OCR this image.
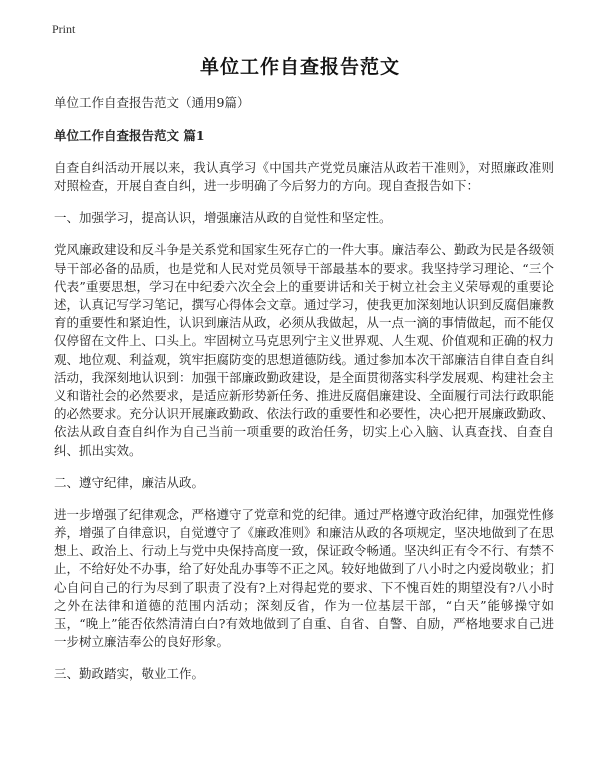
Print
单位工作自查报告范文

单位工作自查报告范文（通用9篇）

单位工作自查报告范文 篇1

自查自纠活动开展以来，我认真学习《中国共产党党员廉洁从政若干准则》，对照廉政准则对照检查，开展自查自纠，进一步明确了今后努力的方向。现自查报告如下：

一、加强学习，提高认识，增强廉洁从政的自觉性和坚定性。

党风廉政建设和反斗争是关系党和国家生死存亡的一件大事。廉洁奉公、勤政为民是各级领导干部必备的品质，也是党和人民对党员领导干部最基本的要求。我坚持学习理论、“三个代表”重要思想，学习在中纪委六次全会上的重要讲话和关于树立社会主义荣辱观的重要论述，认真记写学习笔记，撰写心得体会文章。通过学习，使我更加深刻地认识到反腐倡廉教育的重要性和紧迫性，认识到廉洁从政，必须从我做起，从一点一滴的事情做起，而不能仅仅停留在文件上、口头上。牢固树立马克思列宁主义世界观、人生观、价值观和正确的权力观、地位观、利益观，筑牢拒腐防变的思想道德防线。通过参加本次干部廉洁自律自查自纠活动，我深刻地认识到：加强干部廉政勤政建设，是全面贯彻落实科学发展观、构建社会主义和谐社会的必然要求，是适应新形势新任务、推进反腐倡廉建设、全面履行司法行政职能的必然要求。充分认识开展廉政勤政、依法行政的重要性和必要性，决心把开展廉政勤政、依法从政自查自纠作为自己当前一项重要的政治任务，切实上心入脑、认真查找、自查自纠、抓出实效。

二、遵守纪律，廉洁从政。

进一步增强了纪律观念，严格遵守了党章和党的纪律。通过严格遵守政治纪律，加强党性修养，增强了自律意识，自觉遵守了《廉政准则》和廉洁从政的各项规定，坚决地做到了在思想上、政治上、行动上与党中央保持高度一致，保证政令畅通。坚决纠正有令不行、有禁不止，不给好处不办事，给了好处乱办事等不正之风。较好地做到了八小时之内爱岗敬业；扪心自问自己的行为尽到了职责了没有?上对得起党的要求、下不愧百姓的期望没有?八小时之外在法律和道德的范围内活动；深刻反省，作为一位基层干部，“白天”能够操守如玉，“晚上”能否依然清清白白?有效地做到了自重、自省、自警、自励，严格地要求自己进一步树立廉洁奉公的良好形象。

三、勤政踏实，敬业工作。
